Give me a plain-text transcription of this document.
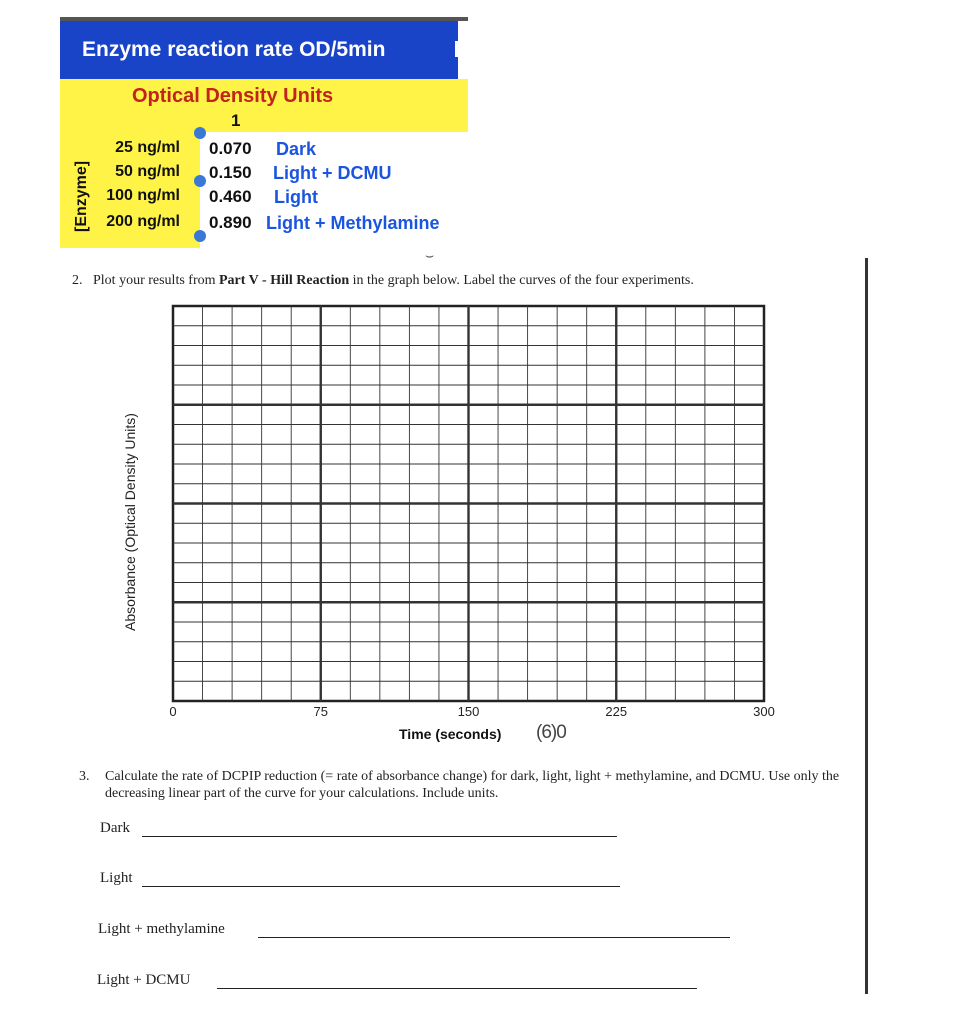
Enzyme reaction rate OD/5min
Optical Density Units
1
[Enzyme]
25 ng/ml 0.070 Dark
50 ng/ml 0.150 Light + DCMU
100 ng/ml 0.460 Light
200 ng/ml 0.890 Light + Methylamine
⌣
2. Plot your results from Part V - Hill Reaction in the graph below. Label the curves of the four experiments.
0	75	150	225	300
Absorbance (Optical Density Units)
Time (seconds) (6)0
3. Calculate the rate of DCPIP reduction (= rate of absorbance change) for dark, light, light + methylamine, and DCMU. Use only the decreasing linear part of the curve for your calculations. Include units.
Dark
Light
Light + methylamine
Light + DCMU
